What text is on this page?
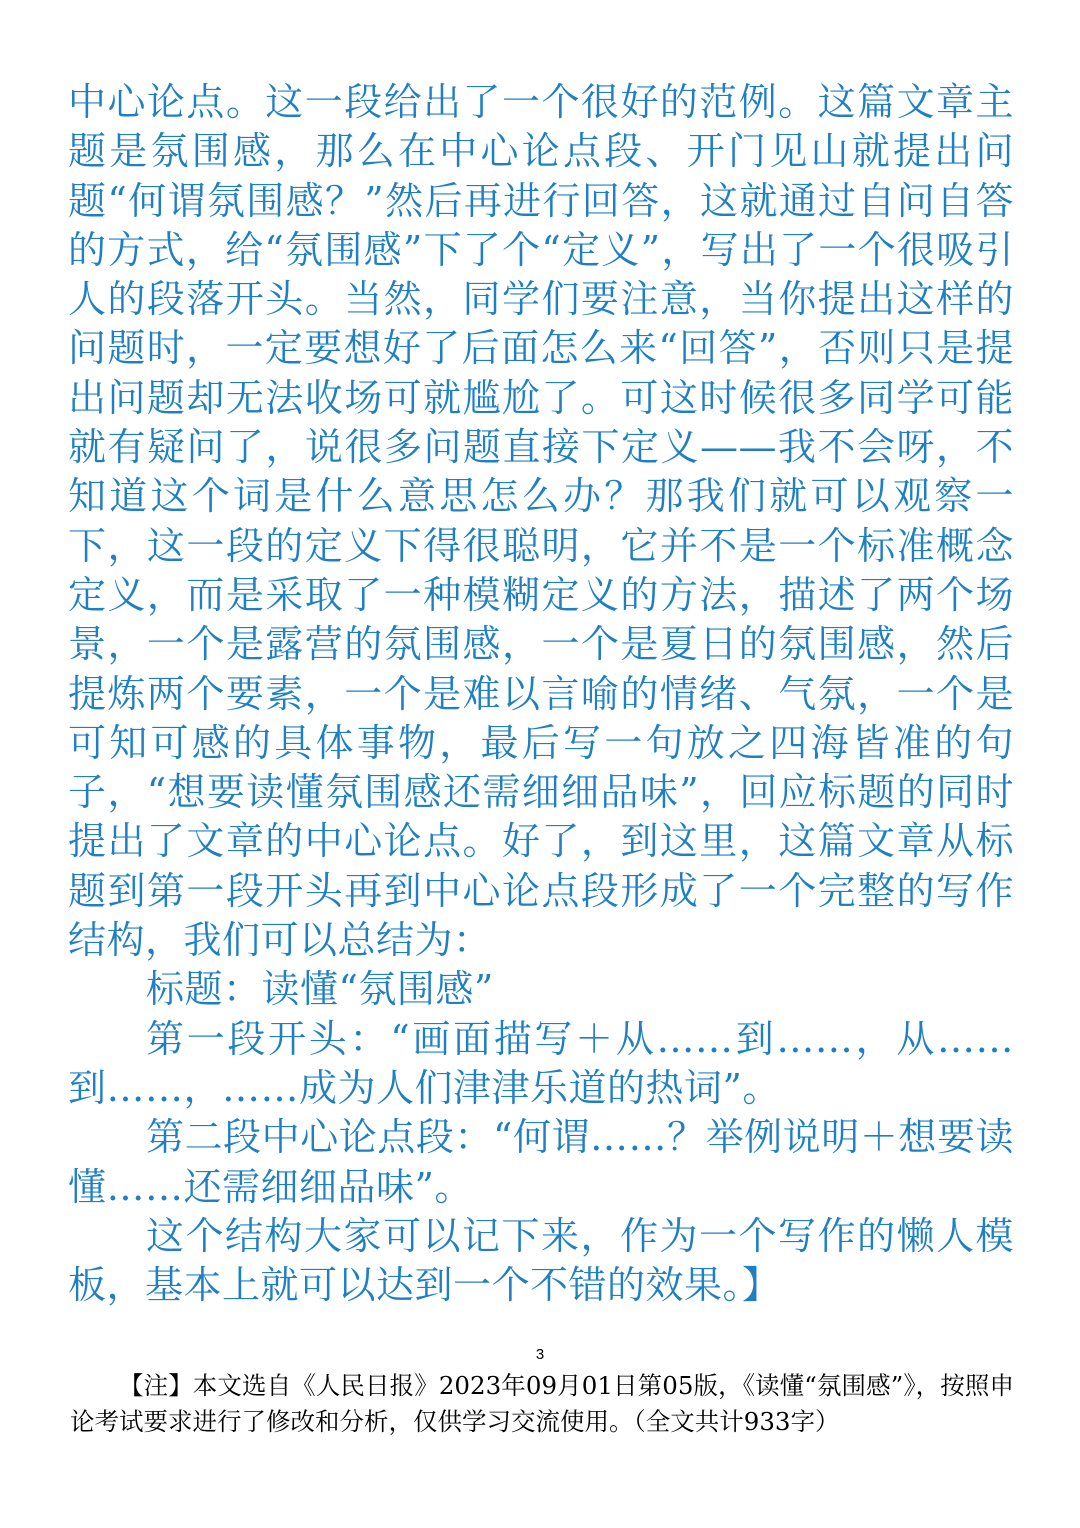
中心论点。这一段给出了一个很好的范例。这篇文章主题是氛围感，那么在中心论点段、开门见山就提出问题“何谓氛围感？”然后再进行回答，这就通过自问自答的方式，给“氛围感”下了个“定义”，写出了一个很吸引人的段落开头。当然，同学们要注意，当你提出这样的问题时，一定要想好了后面怎么来“回答”，否则只是提出问题却无法收场可就尴尬了。可这时候很多同学可能就有疑问了，说很多问题直接下定义——我不会呀，不知道这个词是什么意思怎么办？那我们就可以观察一下，这一段的定义下得很聪明，它并不是一个标准概念定义，而是采取了一种模糊定义的方法，描述了两个场景，一个是露营的氛围感，一个是夏日的氛围感，然后提炼两个要素，一个是难以言喻的情绪、气氛，一个是可知可感的具体事物，最后写一句放之四海皆准的句子，“想要读懂氛围感还需细细品味”，回应标题的同时提出了文章的中心论点。好了，到这里，这篇文章从标题到第一段开头再到中心论点段形成了一个完整的写作结构，我们可以总结为：

标题：读懂“氛围感”

第一段开头：“画面描写＋从……到……，从……到……，……成为人们津津乐道的热词”。

第二段中心论点段：“何谓……？举例说明＋想要读懂……还需细细品味”。

这个结构大家可以记下来，作为一个写作的懒人模板，基本上就可以达到一个不错的效果。】

3
【注】本文选自《人民日报》2023年09月01日第05版，《读懂“氛围感”》，按照申论考试要求进行了修改和分析，仅供学习交流使用。（全文共计933字）
